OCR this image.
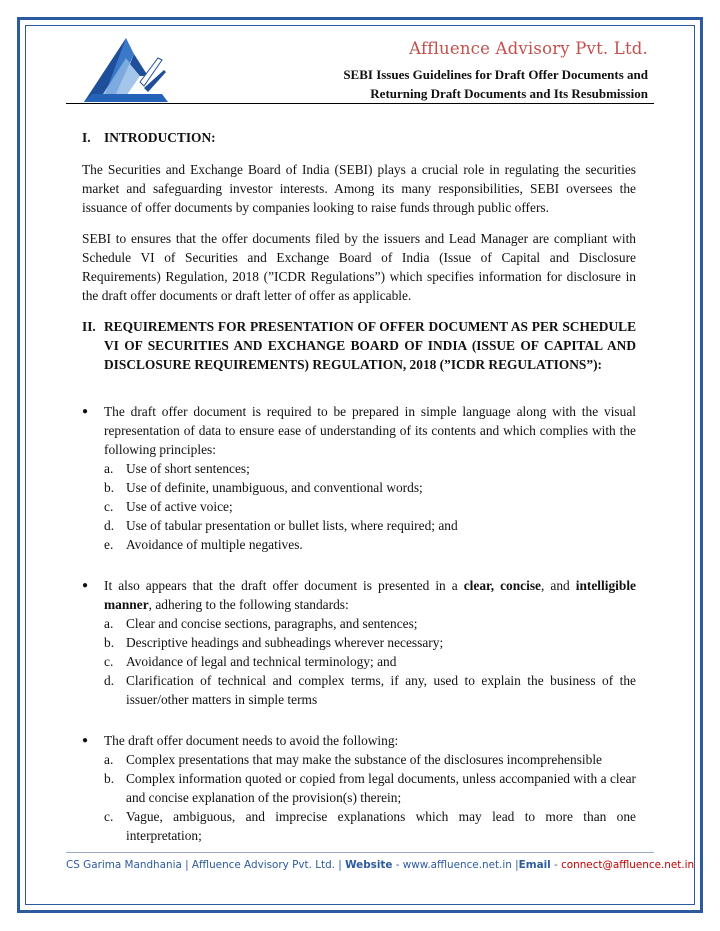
Affluence Advisory Pvt. Ltd.
SEBI Issues Guidelines for Draft Offer Documents and
Returning Draft Documents and Its Resubmission
I.	INTRODUCTION:

The Securities and Exchange Board of India (SEBI) plays a crucial role in regulating the securities market and safeguarding investor interests. Among its many responsibilities, SEBI oversees the issuance of offer documents by companies looking to raise funds through public offers.

SEBI to ensures that the offer documents filed by the issuers and Lead Manager are compliant with Schedule VI of Securities and Exchange Board of India (Issue of Capital and Disclosure Requirements) Regulation, 2018 (”ICDR Regulations”) which specifies information for disclosure in the draft offer documents or draft letter of offer as applicable.

II. REQUIREMENTS FOR PRESENTATION OF OFFER DOCUMENT AS PER SCHEDULE VI OF SECURITIES AND EXCHANGE BOARD OF INDIA (ISSUE OF CAPITAL AND DISCLOSURE REQUIREMENTS) REGULATION, 2018 (”ICDR REGULATIONS”):
●	The draft offer document is required to be prepared in simple language along with the visual representation of data to ensure ease of understanding of its contents and which complies with the following principles:
a. Use of short sentences;
b. Use of definite, unambiguous, and conventional words;
c. Use of active voice;
d. Use of tabular presentation or bullet lists, where required; and
e. Avoidance of multiple negatives.
●	It also appears that the draft offer document is presented in a clear, concise, and intelligible manner, adhering to the following standards:
a. Clear and concise sections, paragraphs, and sentences;
b. Descriptive headings and subheadings wherever necessary;
c. Avoidance of legal and technical terminology; and
d. Clarification of technical and complex terms, if any, used to explain the business of the issuer/other matters in simple terms
●	The draft offer document needs to avoid the following:
a. Complex presentations that may make the substance of the disclosures incomprehensible
b. Complex information quoted or copied from legal documents, unless accompanied with a clear and concise explanation of the provision(s) therein;
c. Vague, ambiguous, and imprecise explanations which may lead to more than one interpretation;
CS Garima Mandhania | Affluence Advisory Pvt. Ltd. | Website - www.affluence.net.in |Email - connect@affluence.net.in
